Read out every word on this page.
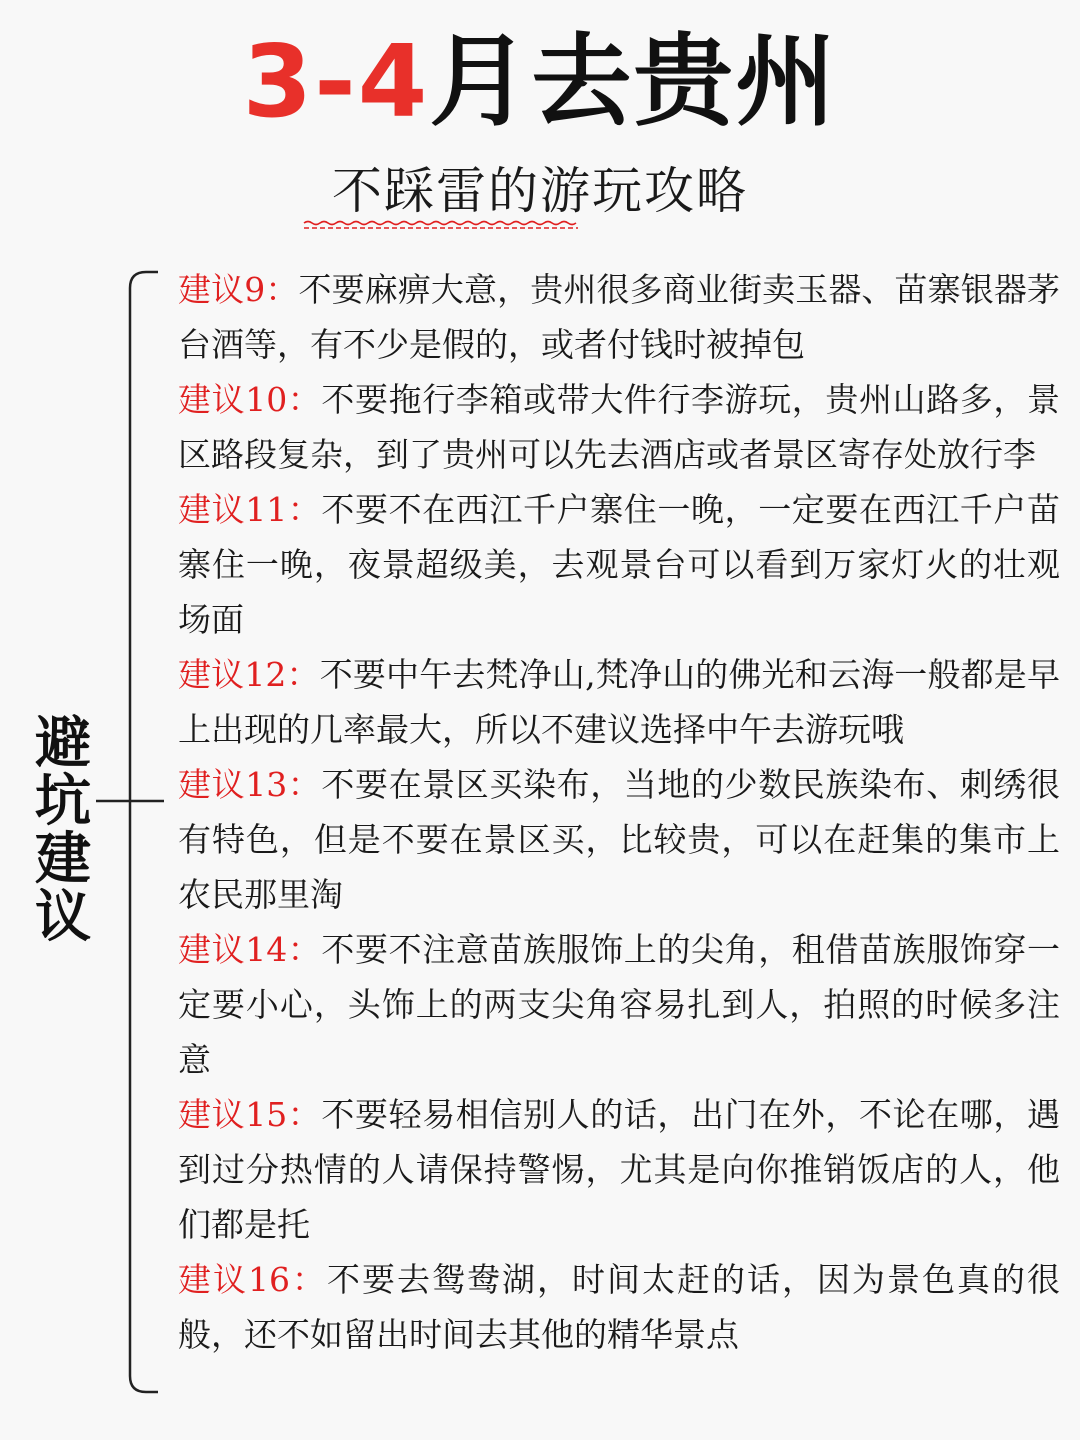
3-4月去贵州
不踩雷的游玩攻略
避坑建议
建议9：不要麻痹大意，贵州很多商业街卖玉器、苗寨银器茅台酒等，有不少是假的，或者付钱时被掉包
建议10：不要拖行李箱或带大件行李游玩，贵州山路多，景区路段复杂，到了贵州可以先去酒店或者景区寄存处放行李
建议11：不要不在西江千户寨住一晚，一定要在西江千户苗寨住一晚，夜景超级美，去观景台可以看到万家灯火的壮观场面
建议12：不要中午去梵净山,梵净山的佛光和云海一般都是早上出现的几率最大，所以不建议选择中午去游玩哦
建议13：不要在景区买染布，当地的少数民族染布、刺绣很有特色，但是不要在景区买，比较贵，可以在赶集的集市上农民那里淘
建议14：不要不注意苗族服饰上的尖角，租借苗族服饰穿一定要小心，头饰上的两支尖角容易扎到人，拍照的时候多注意
建议15：不要轻易相信别人的话，出门在外，不论在哪，遇到过分热情的人请保持警惕，尤其是向你推销饭店的人，他们都是托
建议16：不要去鸳鸯湖，时间太赶的话，因为景色真的很般，还不如留出时间去其他的精华景点
